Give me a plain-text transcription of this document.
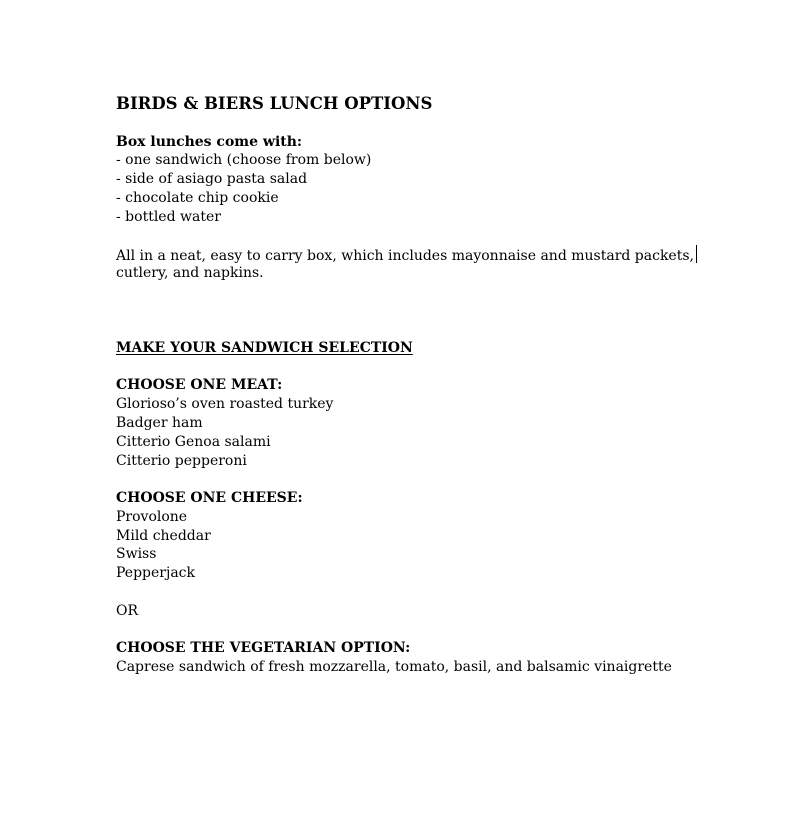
BIRDS & BIERS LUNCH OPTIONS
Box lunches come with:
- one sandwich (choose from below)
- side of asiago pasta salad
- chocolate chip cookie
- bottled water
All in a neat, easy to carry box, which includes mayonnaise and mustard packets,
cutlery, and napkins.
MAKE YOUR SANDWICH SELECTION
CHOOSE ONE MEAT:
Glorioso’s oven roasted turkey
Badger ham
Citterio Genoa salami
Citterio pepperoni
CHOOSE ONE CHEESE:
Provolone
Mild cheddar
Swiss
Pepperjack
OR
CHOOSE THE VEGETARIAN OPTION:
Caprese sandwich of fresh mozzarella, tomato, basil, and balsamic vinaigrette
